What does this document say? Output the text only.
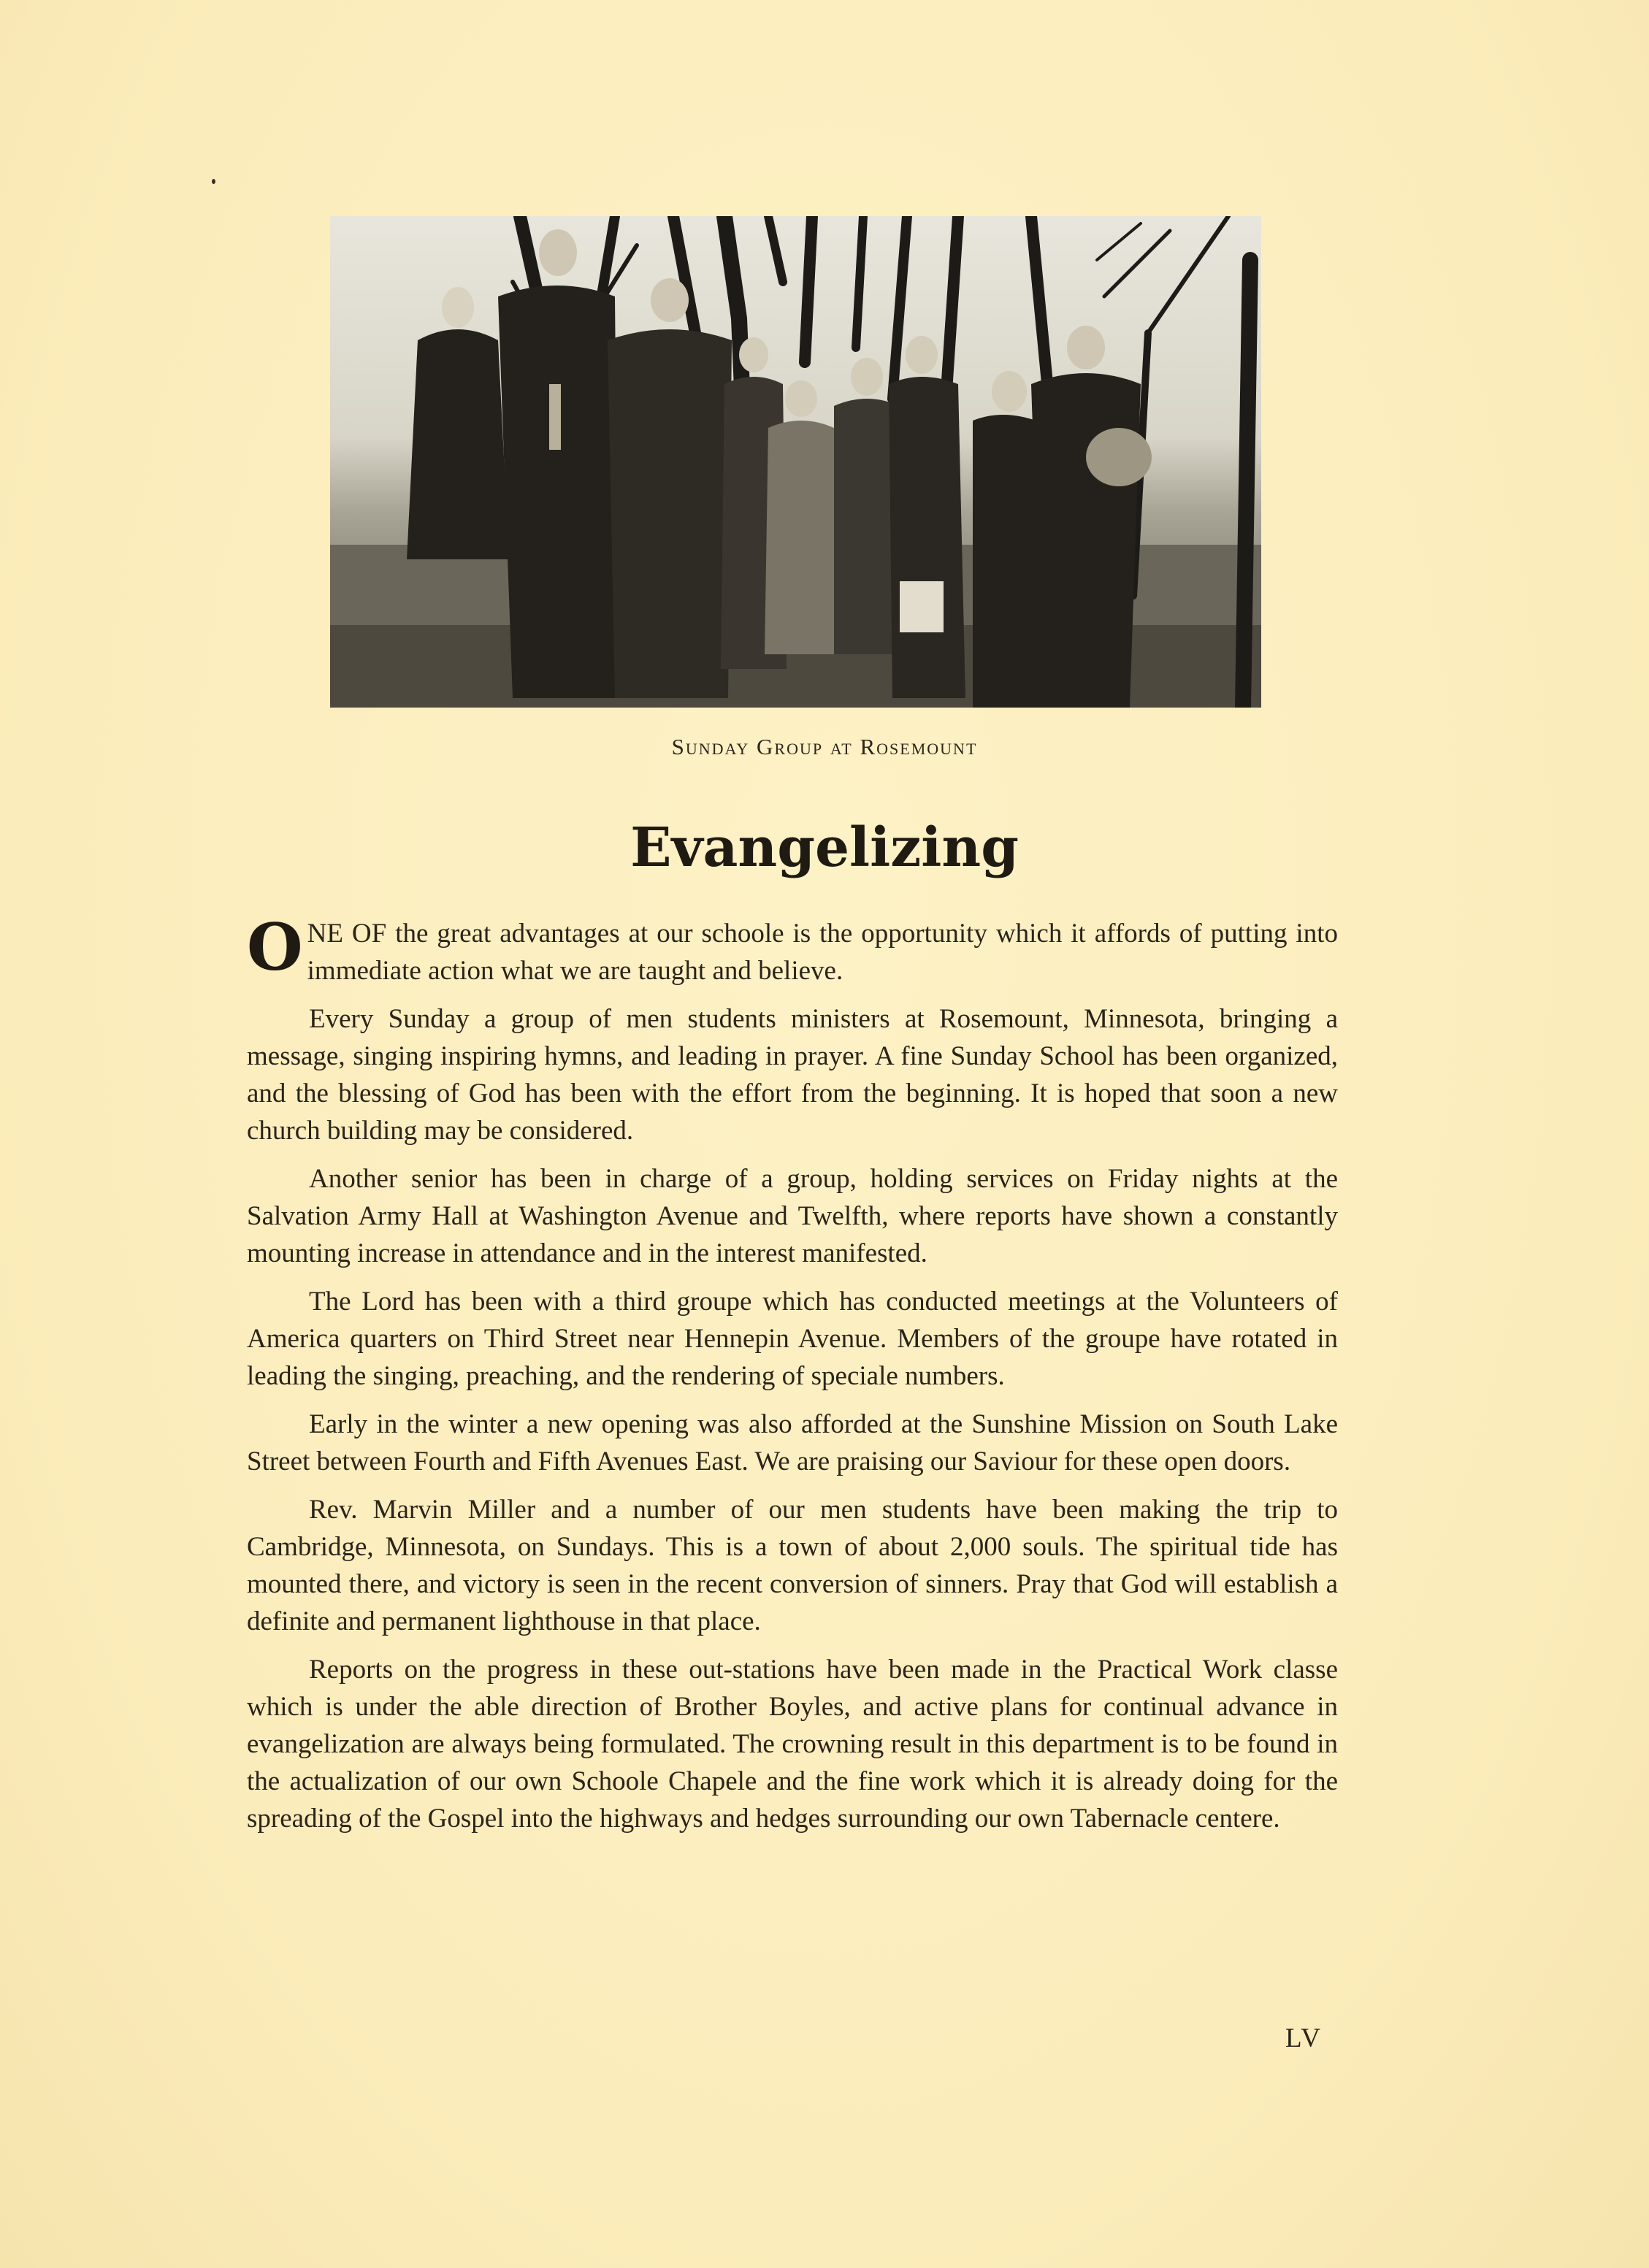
Sunday Group at Rosemount
Evangelizing

ONE OF the great advantages at our schoole is the opportunity which it affords of putting into immediate action what we are taught and believe.

Every Sunday a group of men students ministers at Rosemount, Minnesota, bringing a message, singing inspiring hymns, and leading in prayer. A fine Sunday School has been organized, and the blessing of God has been with the effort from the beginning. It is hoped that soon a new church building may be considered.

Another senior has been in charge of a group, holding services on Friday nights at the Salvation Army Hall at Washington Avenue and Twelfth, where reports have shown a constantly mounting increase in attendance and in the interest manifested.

The Lord has been with a third groupe which has conducted meetings at the Volunteers of America quarters on Third Street near Hennepin Avenue. Members of the groupe have rotated in leading the singing, preaching, and the rendering of speciale numbers.

Early in the winter a new opening was also afforded at the Sunshine Mission on South Lake Street between Fourth and Fifth Avenues East. We are praising our Saviour for these open doors.

Rev. Marvin Miller and a number of our men students have been making the trip to Cambridge, Minnesota, on Sundays. This is a town of about 2,000 souls. The spiritual tide has mounted there, and victory is seen in the recent conversion of sinners. Pray that God will establish a definite and permanent lighthouse in that place.

Reports on the progress in these out-stations have been made in the Practical Work classe which is under the able direction of Brother Boyles, and active plans for continual advance in evangelization are always being formulated. The crowning result in this department is to be found in the actualization of our own Schoole Chapele and the fine work which it is already doing for the spreading of the Gospel into the highways and hedges surrounding our own Tabernacle centere.

LV
